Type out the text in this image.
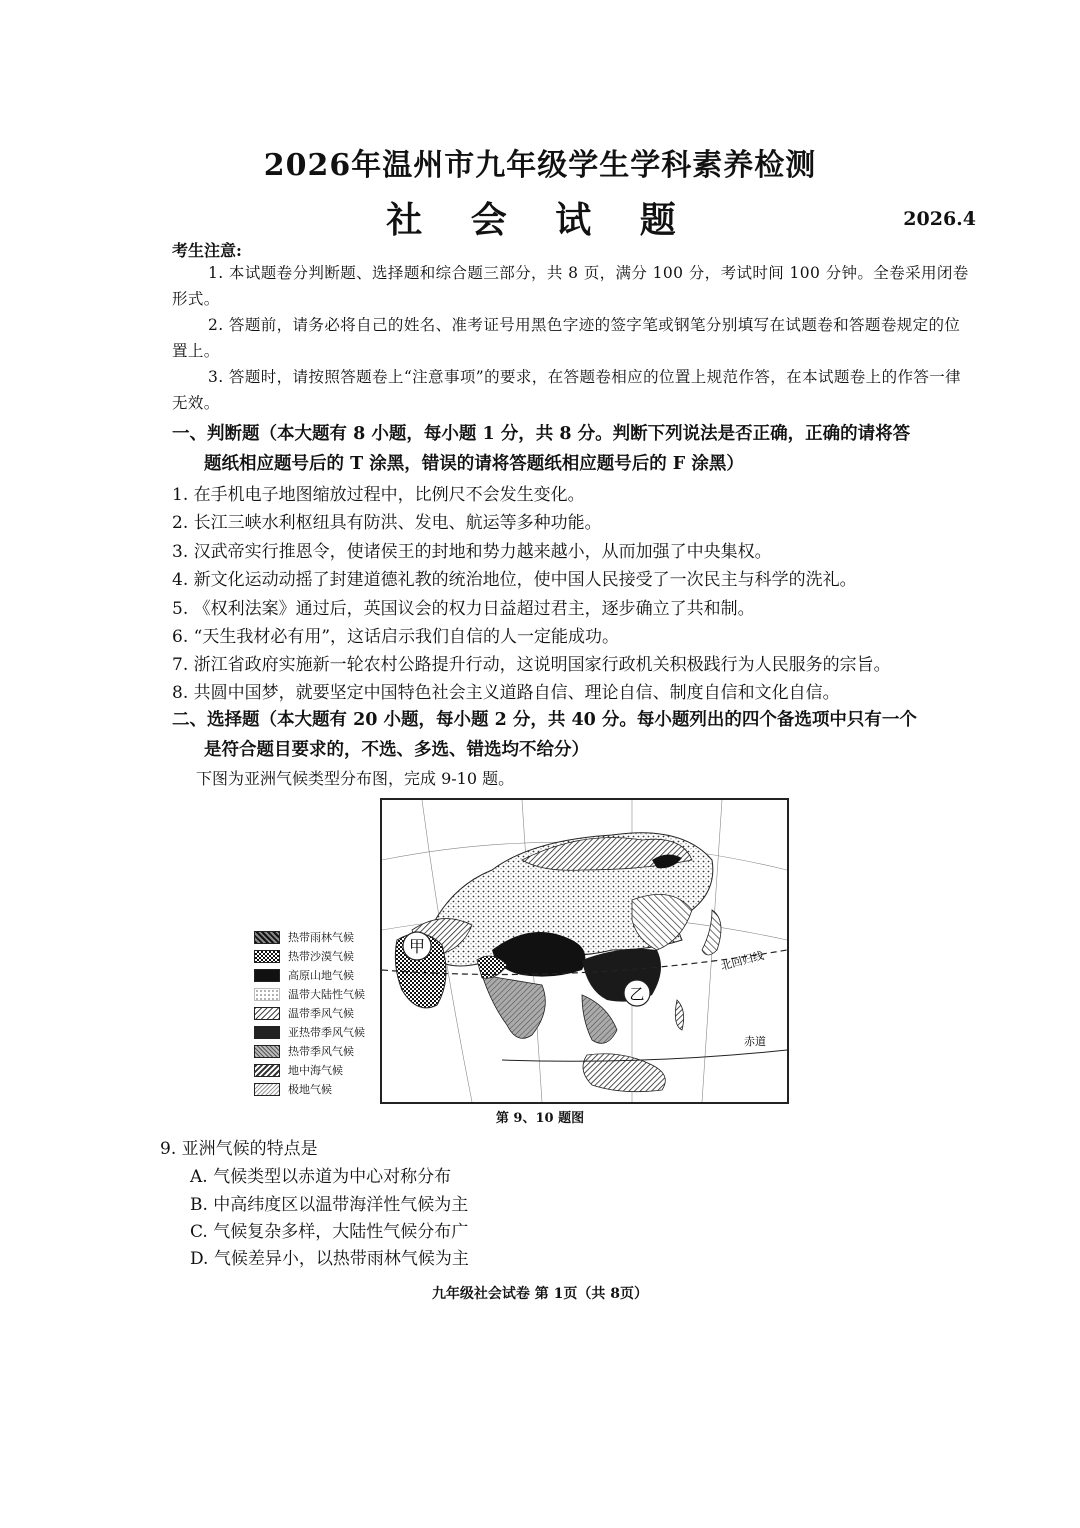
2026年温州市九年级学生学科素养检测
社 会 试 题	2026.4
考生注意:
1. 本试题卷分判断题、选择题和综合题三部分，共 8 页，满分 100 分，考试时间 100 分钟。全卷采用闭卷形式。
2. 答题前，请务必将自己的姓名、准考证号用黑色字迹的签字笔或钢笔分别填写在试题卷和答题卷规定的位置上。
3. 答题时，请按照答题卷上“注意事项”的要求，在答题卷相应的位置上规范作答，在本试题卷上的作答一律无效。
一、判断题（本大题有 8 小题，每小题 1 分，共 8 分。判断下列说法是否正确，正确的请将答
题纸相应题号后的 T 涂黑，错误的请将答题纸相应题号后的 F 涂黑）
1. 在手机电子地图缩放过程中，比例尺不会发生变化。
2. 长江三峡水利枢纽具有防洪、发电、航运等多种功能。
3. 汉武帝实行推恩令，使诸侯王的封地和势力越来越小，从而加强了中央集权。
4. 新文化运动动摇了封建道德礼教的统治地位，使中国人民接受了一次民主与科学的洗礼。
5. 《权利法案》通过后，英国议会的权力日益超过君主，逐步确立了共和制。
6. “天生我材必有用”，这话启示我们自信的人一定能成功。
7. 浙江省政府实施新一轮农村公路提升行动，这说明国家行政机关积极践行为人民服务的宗旨。
8. 共圆中国梦，就要坚定中国特色社会主义道路自信、理论自信、制度自信和文化自信。
二、选择题（本大题有 20 小题，每小题 2 分，共 40 分。每小题列出的四个备选项中只有一个
是符合题目要求的，不选、多选、错选均不给分）
下图为亚洲气候类型分布图，完成 9-10 题。
热带雨林气候
热带沙漠气候
高原山地气候
温带大陆性气候
温带季风气候
亚热带季风气候
热带季风气候
地中海气候
极地气候
甲
乙
北回归线
赤道
第 9、10 题图
9. 亚洲气候的特点是
A. 气候类型以赤道为中心对称分布
B. 中高纬度区以温带海洋性气候为主
C. 气候复杂多样，大陆性气候分布广
D. 气候差异小，以热带雨林气候为主
九年级社会试卷 第 1页（共 8页）
